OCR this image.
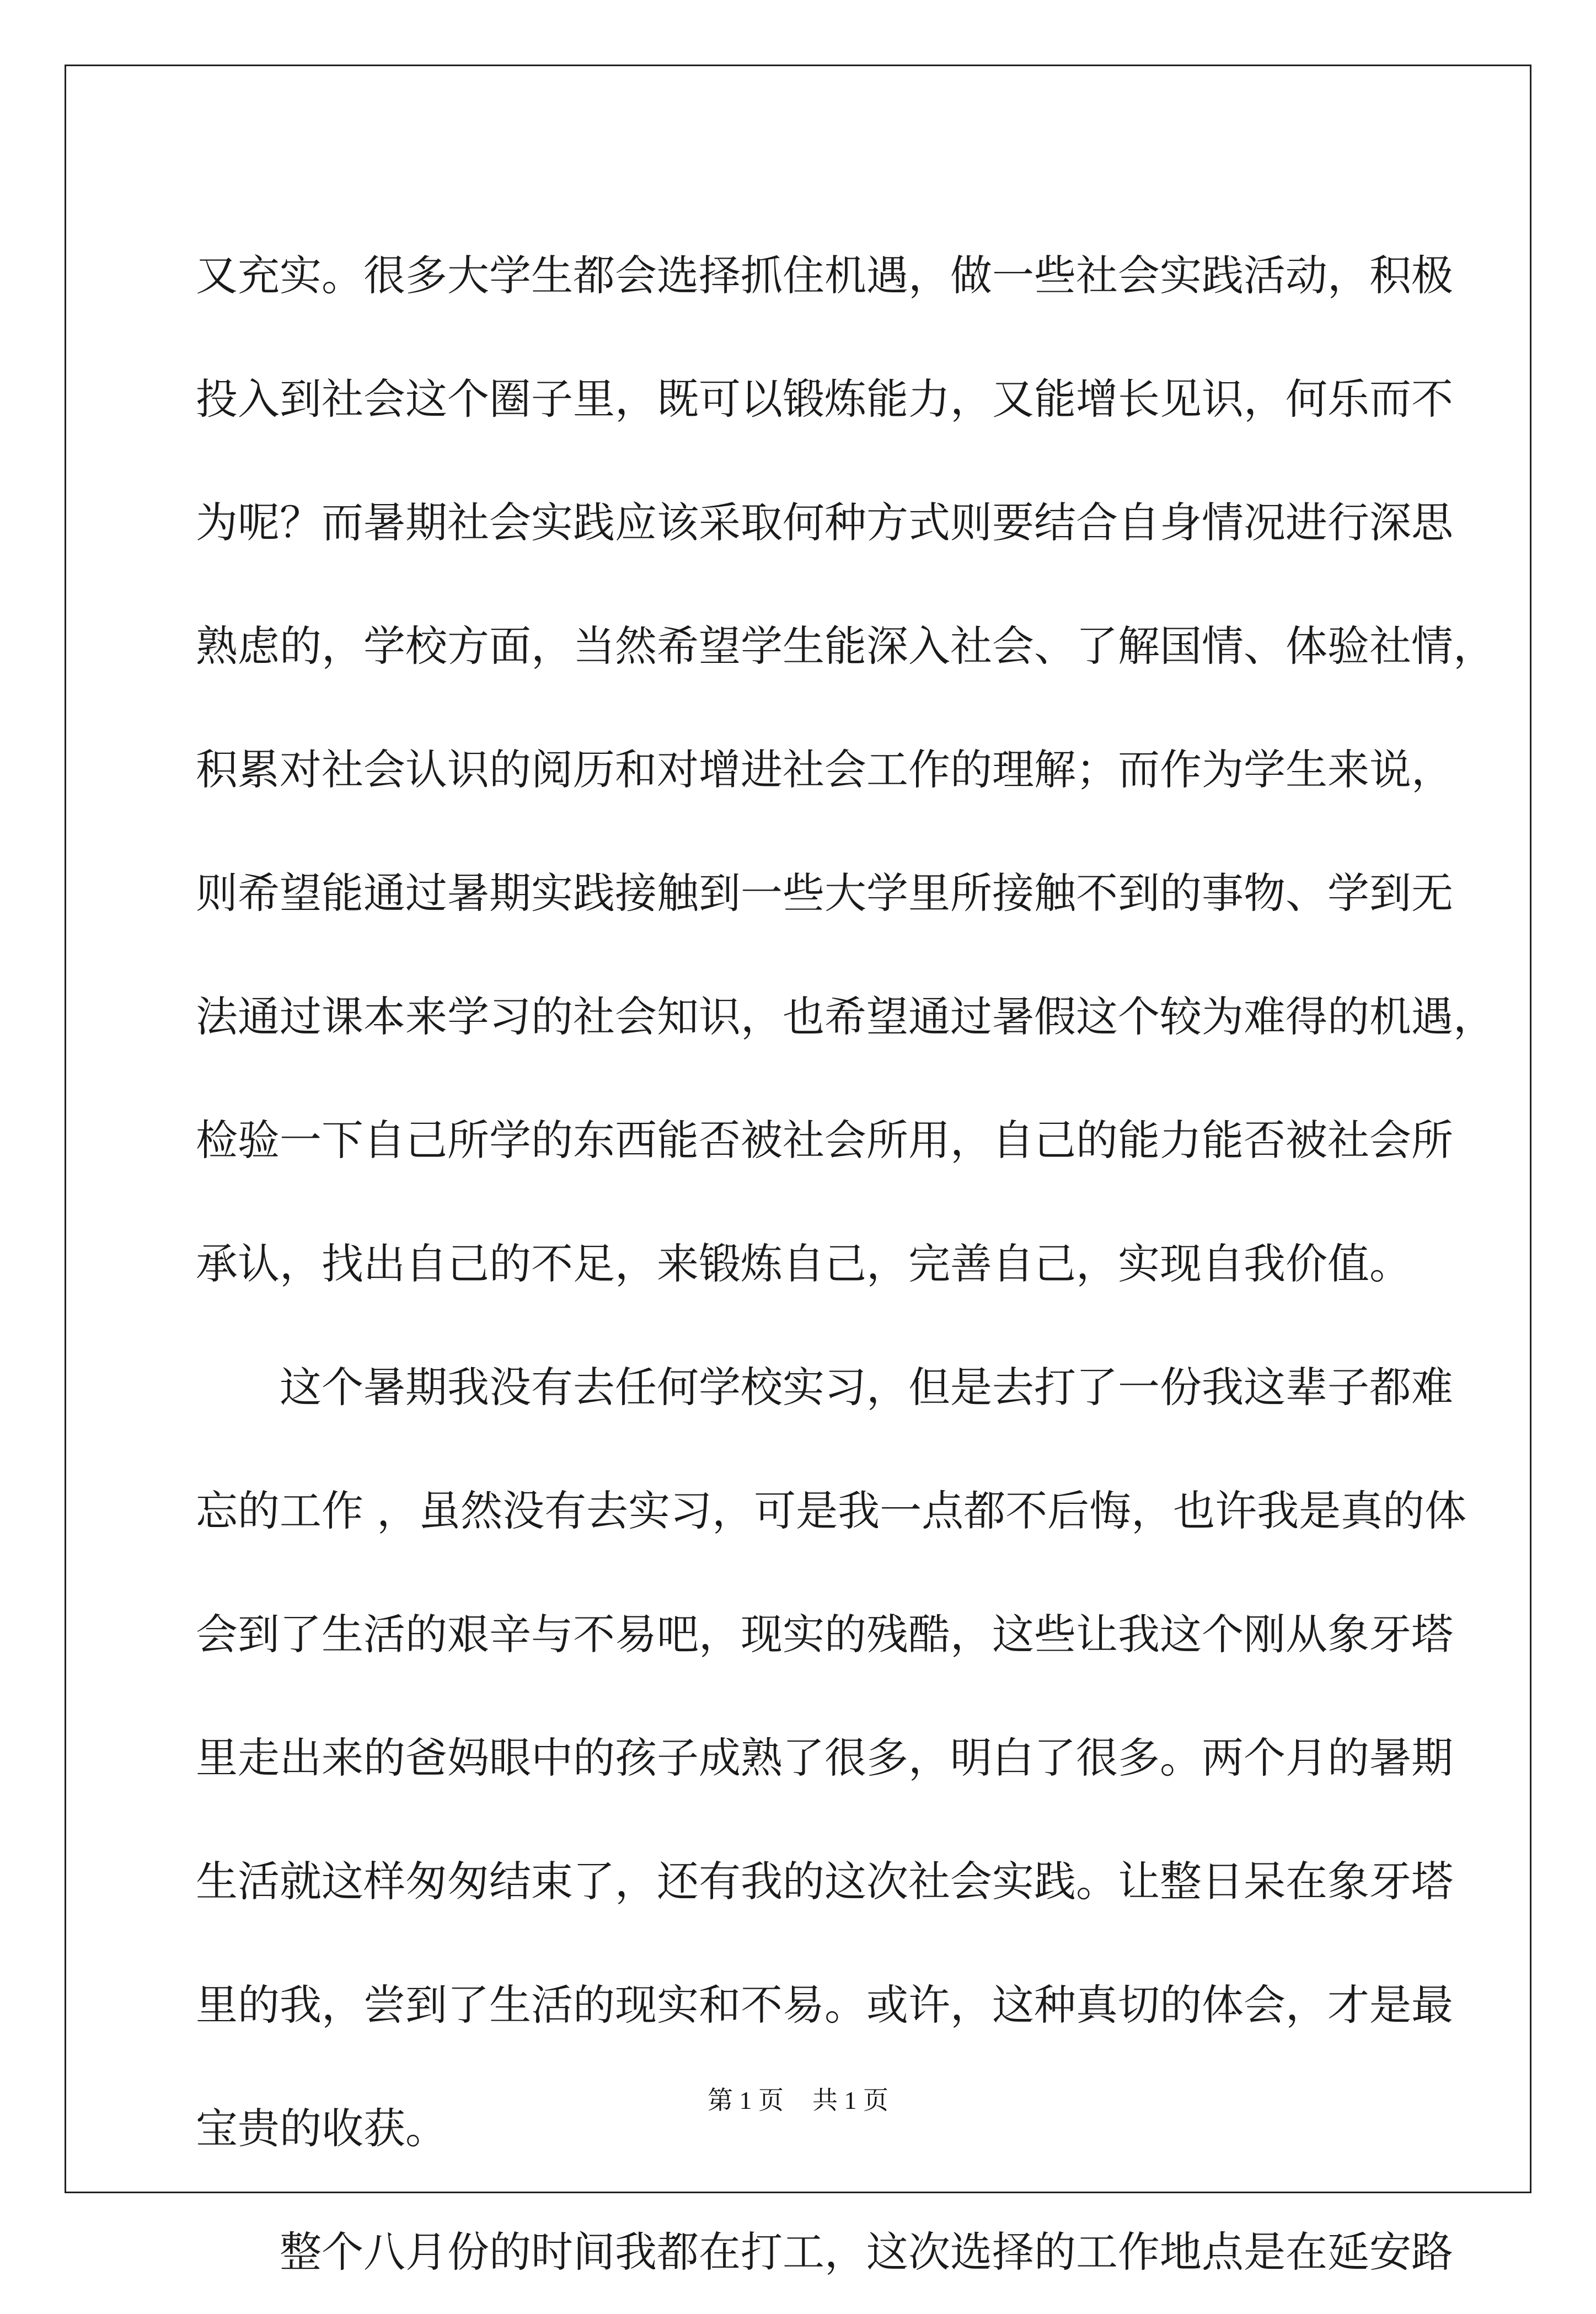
又充实。很多大学生都会选择抓住机遇，做一些社会实践活动，积极
投入到社会这个圈子里，既可以锻炼能力，又能增长见识，何乐而不
为呢？而暑期社会实践应该采取何种方式则要结合自身情况进行深思
熟虑的，学校方面，当然希望学生能深入社会、了解国情、体验社情，
积累对社会认识的阅历和对增进社会工作的理解；而作为学生来说，
则希望能通过暑期实践接触到一些大学里所接触不到的事物、学到无
法通过课本来学习的社会知识，也希望通过暑假这个较为难得的机遇，
检验一下自己所学的东西能否被社会所用，自己的能力能否被社会所
承认，找出自己的不足，来锻炼自己，完善自己，实现自我价值。
　　这个暑期我没有去任何学校实习，但是去打了一份我这辈子都难
忘的工作 ，虽然没有去实习，可是我一点都不后悔，也许我是真的体
会到了生活的艰辛与不易吧，现实的残酷，这些让我这个刚从象牙塔
里走出来的爸妈眼中的孩子成熟了很多，明白了很多。两个月的暑期
生活就这样匆匆结束了，还有我的这次社会实践。让整日呆在象牙塔
里的我，尝到了生活的现实和不易。或许，这种真切的体会，才是最
宝贵的收获。
　　整个八月份的时间我都在打工，这次选择的工作地点是在延安路
第 1 页 共 1 页
